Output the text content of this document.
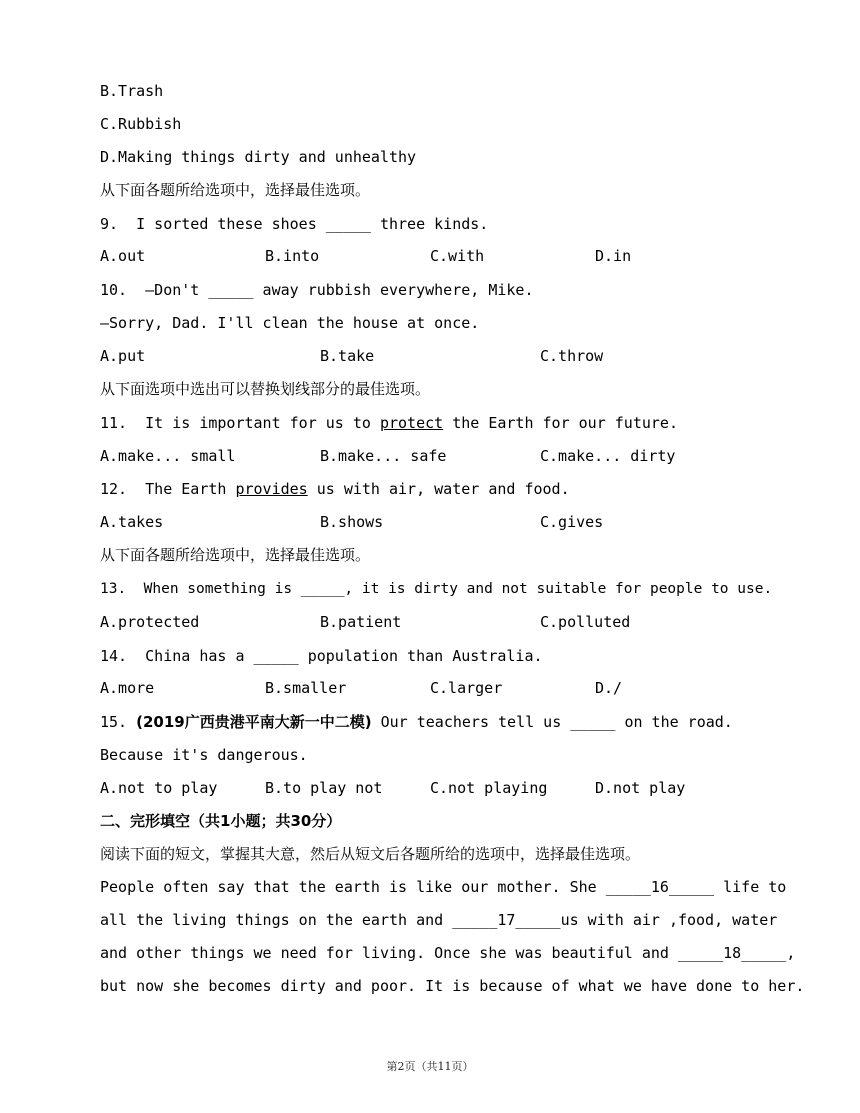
B.Trash
C.Rubbish
D.Making things dirty and unhealthy
从下面各题所给选项中，选择最佳选项。
9.  I sorted these shoes _____ three kinds.
A.out	B.into	C.with	D.in
10.  —Don't _____ away rubbish everywhere, Mike.
—Sorry, Dad. I'll clean the house at once.
A.put	B.take	C.throw
从下面选项中选出可以替换划线部分的最佳选项。
11.  It is important for us to protect the Earth for our future.
A.make... small	B.make... safe	C.make... dirty
12.  The Earth provides us with air, water and food.
A.takes	B.shows	C.gives
从下面各题所给选项中，选择最佳选项。
13.  When something is _____, it is dirty and not suitable for people to use.
A.protected	B.patient	C.polluted
14.  China has a _____ population than Australia.
A.more	B.smaller	C.larger	D./
15. (2019广西贵港平南大新一中二模) Our teachers tell us _____ on the road.
Because it's dangerous.
A.not to play	B.to play not	C.not playing	D.not play
二、完形填空（共1小题；共30分）
阅读下面的短文，掌握其大意，然后从短文后各题所给的选项中，选择最佳选项。
People often say that the earth is like our mother. She _____16_____ life to
all the living things on the earth and _____17_____us with air ,food, water
and other things we need for living. Once she was beautiful and _____18_____,
but now she becomes dirty and poor. It is because of what we have done to her.
第2页（共11页）
